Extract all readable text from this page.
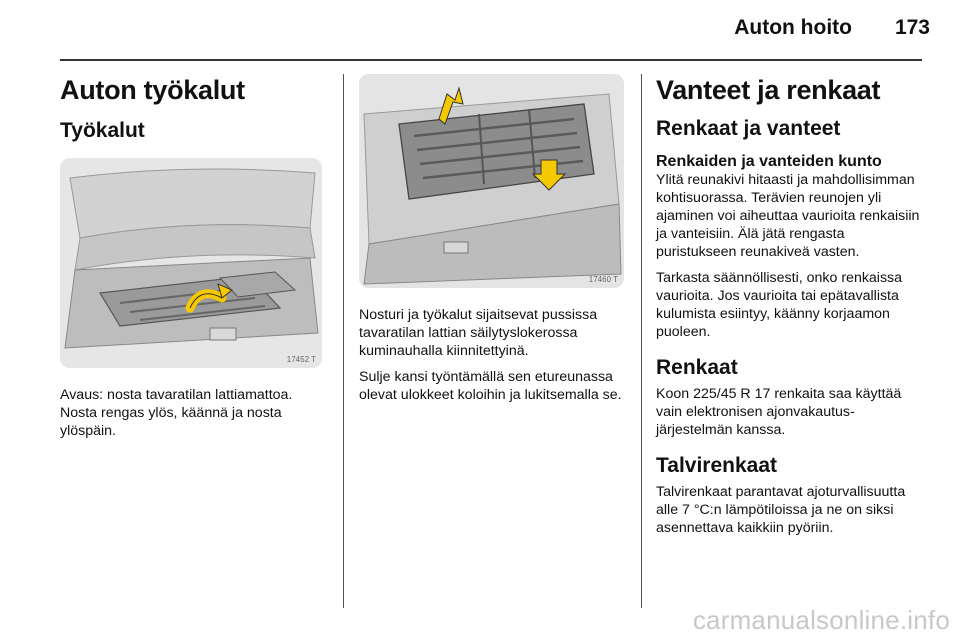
Auton hoito 173
Auton työkalut
Työkalut
17452 T

Avaus: nosta tavaratilan lattiamattoa. Nosta rengas ylös, käännä ja nosta ylöspäin.

17460 T

Nosturi ja työkalut sijaitsevat pussissa tavaratilan lattian säilytyslokerossa kuminauhalla kiinnitettyinä.

Sulje kansi työntämällä sen etureunassa olevat ulokkeet koloihin ja lukitsemalla se.

Vanteet ja renkaat
Renkaat ja vanteet
Renkaiden ja vanteiden kunto

Ylitä reunakivi hitaasti ja mahdollisimman kohtisuorassa. Terävien reunojen yli ajaminen voi aiheuttaa vaurioita renkaisiin ja vanteisiin. Älä jätä rengasta puristukseen reunakiveä vasten.

Tarkasta säännöllisesti, onko renkaissa vaurioita. Jos vaurioita tai epätavallista kulumista esiintyy, käänny korjaamon puoleen.

Renkaat

Koon 225/45 R 17 renkaita saa käyttää vain elektronisen ajonvakautusjärjestelmän kanssa.

Talvirenkaat

Talvirenkaat parantavat ajoturvallisuutta alle 7 °C:n lämpötiloissa ja ne on siksi asennettava kaikkiin pyöriin.

carmanualsonline.info
